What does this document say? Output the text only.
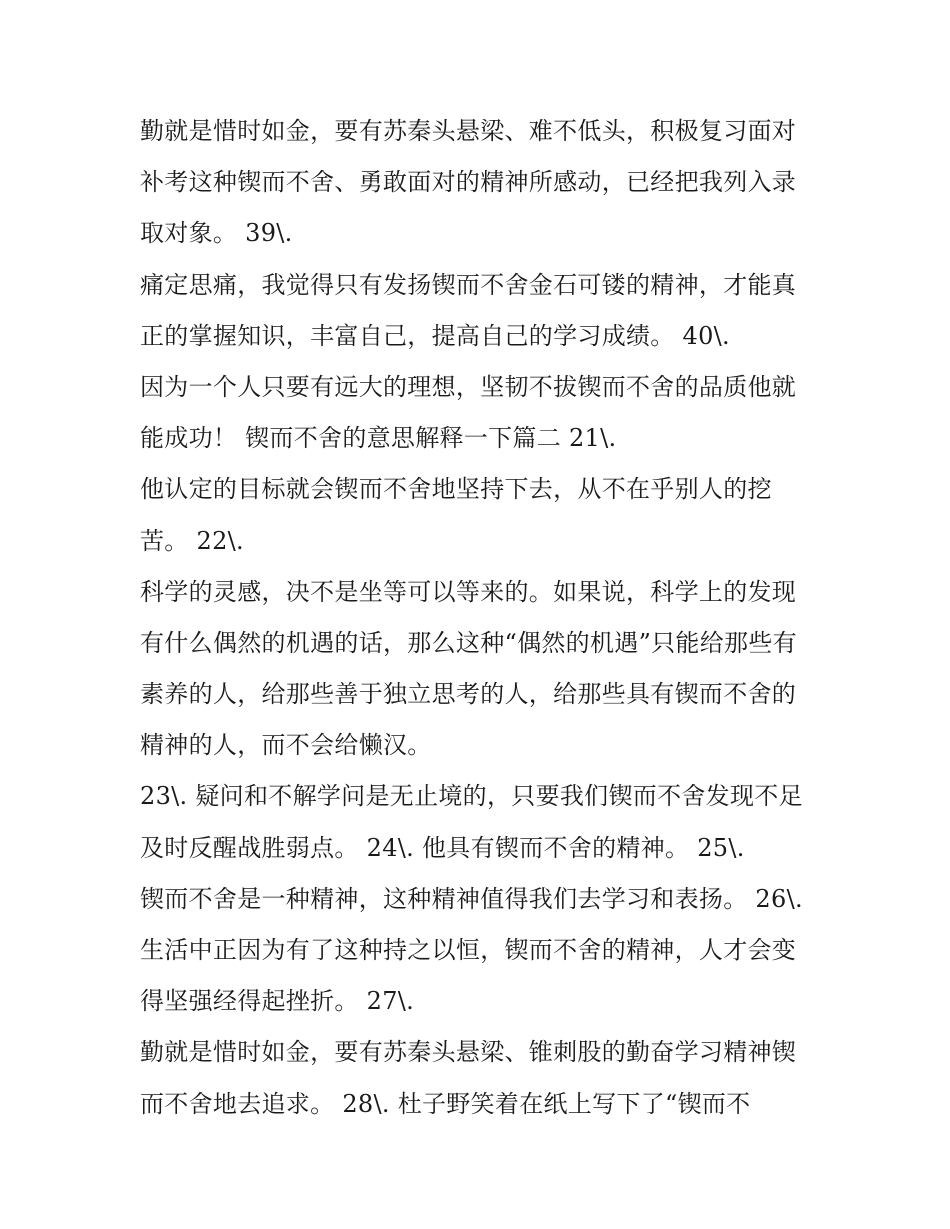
勤就是惜时如金，要有苏秦头悬梁、难不低头，积极复习面对
补考这种锲而不舍、勇敢面对的精神所感动，已经把我列入录
取对象。 39\.
痛定思痛，我觉得只有发扬锲而不舍金石可镂的精神，才能真
正的掌握知识，丰富自己，提高自己的学习成绩。 40\.
因为一个人只要有远大的理想，坚韧不拔锲而不舍的品质他就
能成功！ 锲而不舍的意思解释一下篇二 21\.
他认定的目标就会锲而不舍地坚持下去，从不在乎别人的挖
苦。 22\.
科学的灵感，决不是坐等可以等来的。如果说，科学上的发现
有什么偶然的机遇的话，那么这种“偶然的机遇”只能给那些有
素养的人，给那些善于独立思考的人，给那些具有锲而不舍的
精神的人，而不会给懒汉。
23\. 疑问和不解学问是无止境的，只要我们锲而不舍发现不足
及时反醒战胜弱点。 24\. 他具有锲而不舍的精神。 25\.
锲而不舍是一种精神，这种精神值得我们去学习和表扬。 26\.
生活中正因为有了这种持之以恒，锲而不舍的精神，人才会变
得坚强经得起挫折。 27\.
勤就是惜时如金，要有苏秦头悬梁、锥刺股的勤奋学习精神锲
而不舍地去追求。 28\. 杜子野笑着在纸上写下了“锲而不
